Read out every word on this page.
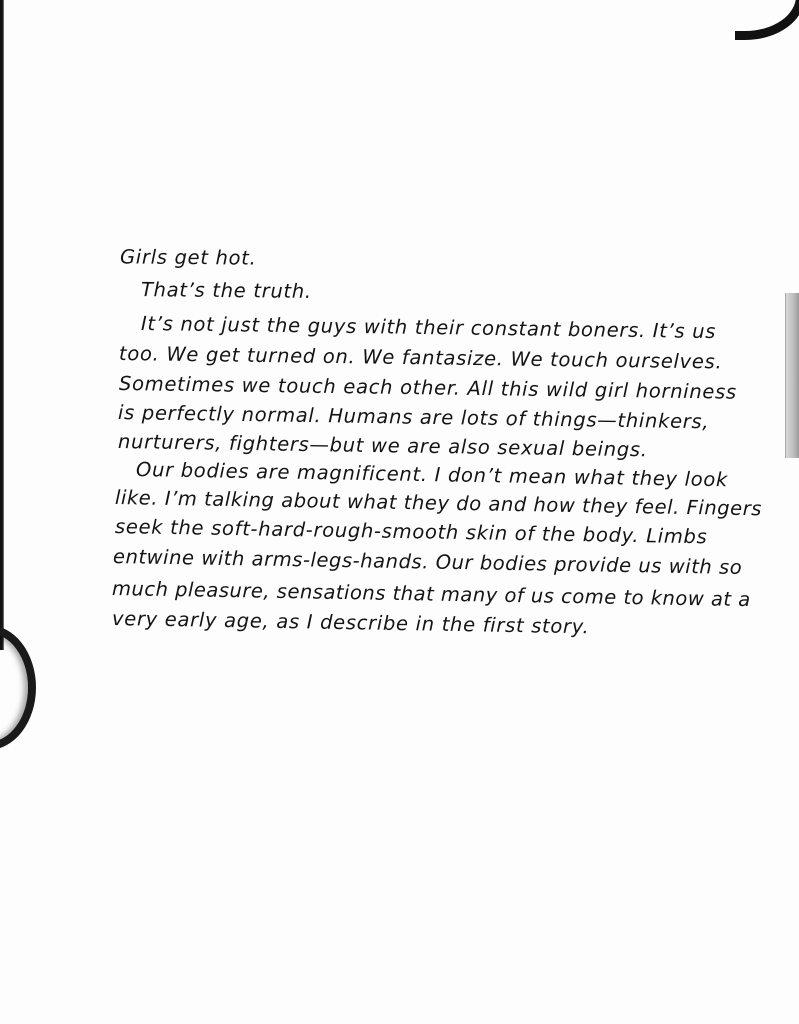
Girls get hot.
That’s the truth.
It’s not just the guys with their constant boners. It’s us
too. We get turned on. We fantasize. We touch ourselves.
Sometimes we touch each other. All this wild girl horniness
is perfectly normal. Humans are lots of things—thinkers,
nurturers, fighters—but we are also sexual beings.
Our bodies are magnificent. I don’t mean what they look
like. I’m talking about what they do and how they feel. Fingers
seek the soft-hard-rough-smooth skin of the body. Limbs
entwine with arms-legs-hands. Our bodies provide us with so
much pleasure, sensations that many of us come to know at a
very early age, as I describe in the first story.
